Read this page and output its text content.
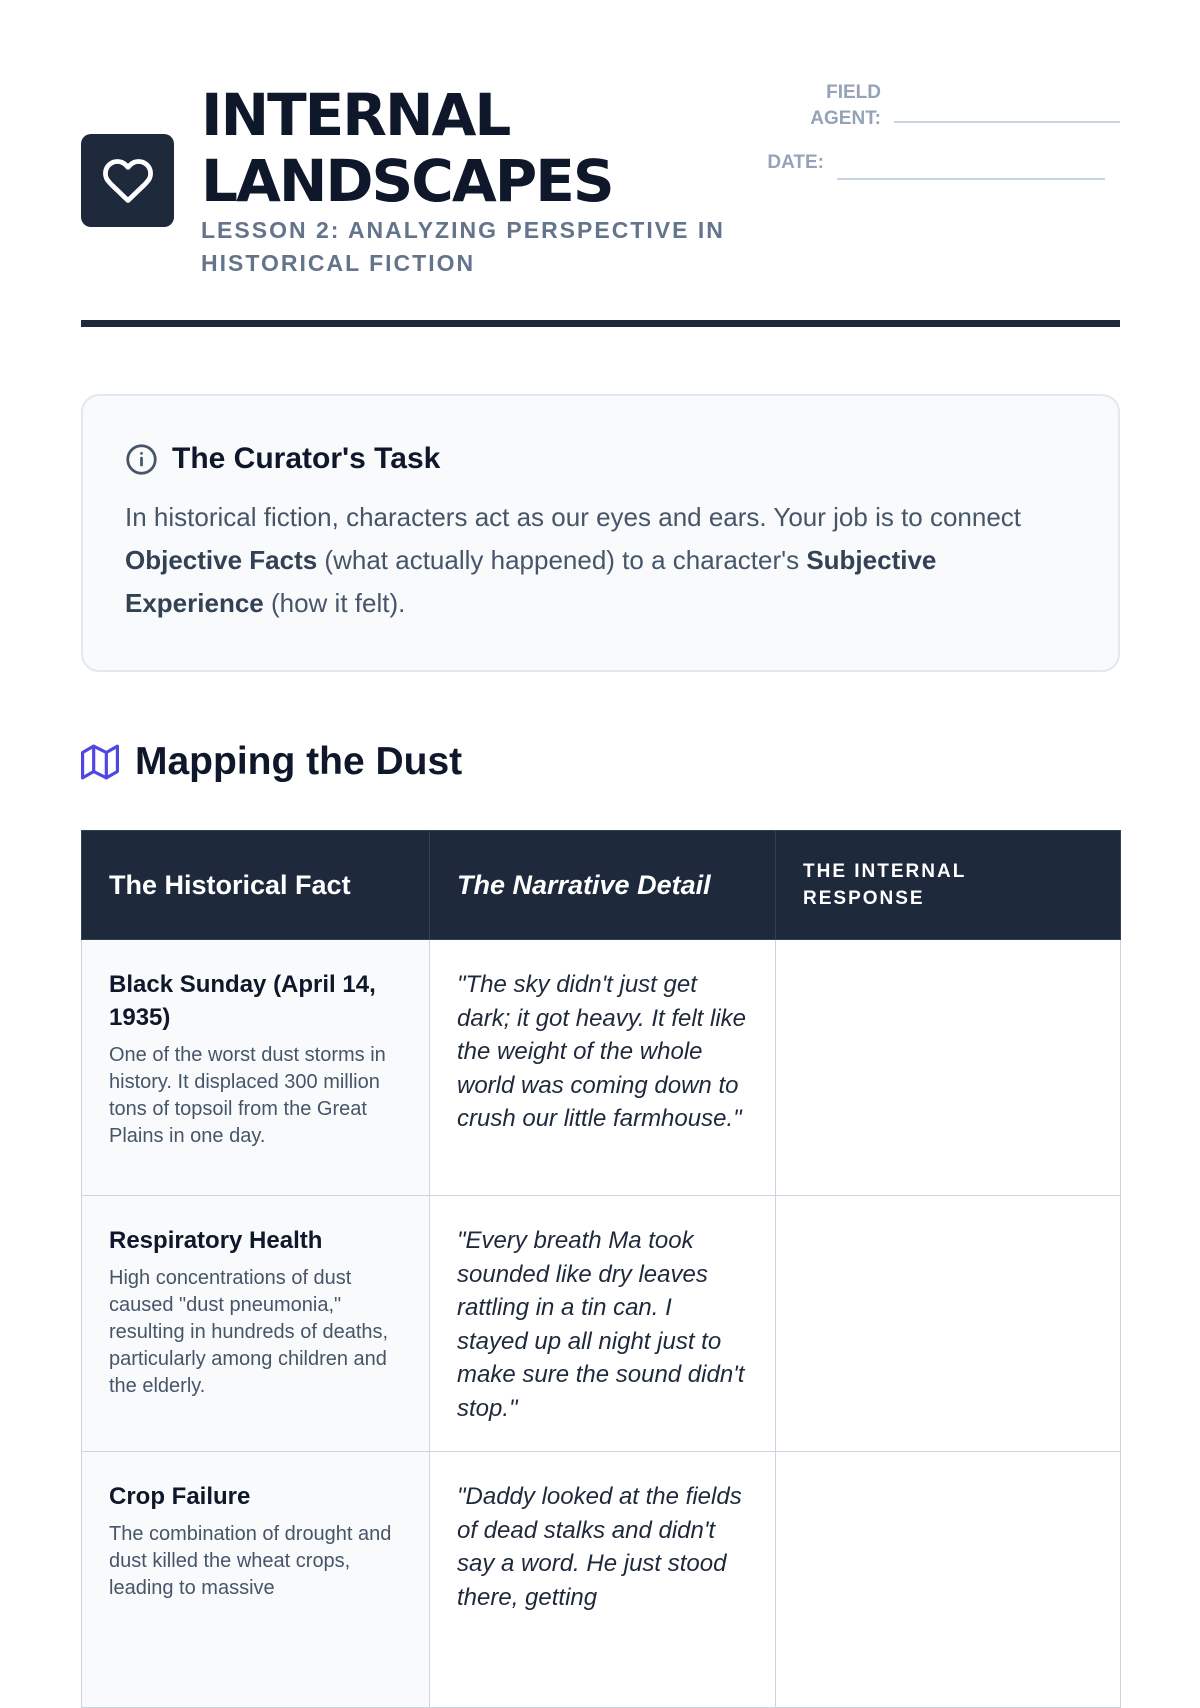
INTERNAL
LANDSCAPES
LESSON 2: ANALYZING PERSPECTIVE IN HISTORICAL FICTION
FIELD
AGENT:
DATE:
The Curator's Task
In historical fiction, characters act as our eyes and ears. Your job is to connect Objective Facts (what actually happened) to a character's Subjective Experience (how it felt).
Mapping the Dust
The Historical Fact	The Narrative Detail	THE INTERNAL RESPONSE

Black Sunday (April 14, 1935)
One of the worst dust storms in history. It displaced 300 million tons of topsoil from the Great Plains in one day.	"The sky didn't just get dark; it got heavy. It felt like the weight of the whole world was coming down to crush our little farmhouse."	

Respiratory Health
High concentrations of dust caused "dust pneumonia," resulting in hundreds of deaths, particularly among children and the elderly.	"Every breath Ma took sounded like dry leaves rattling in a tin can. I stayed up all night just to make sure the sound didn't stop."	

Crop Failure
The combination of drought and dust killed the wheat crops, leading to massive	"Daddy looked at the fields of dead stalks and didn't say a word. He just stood there, getting	
